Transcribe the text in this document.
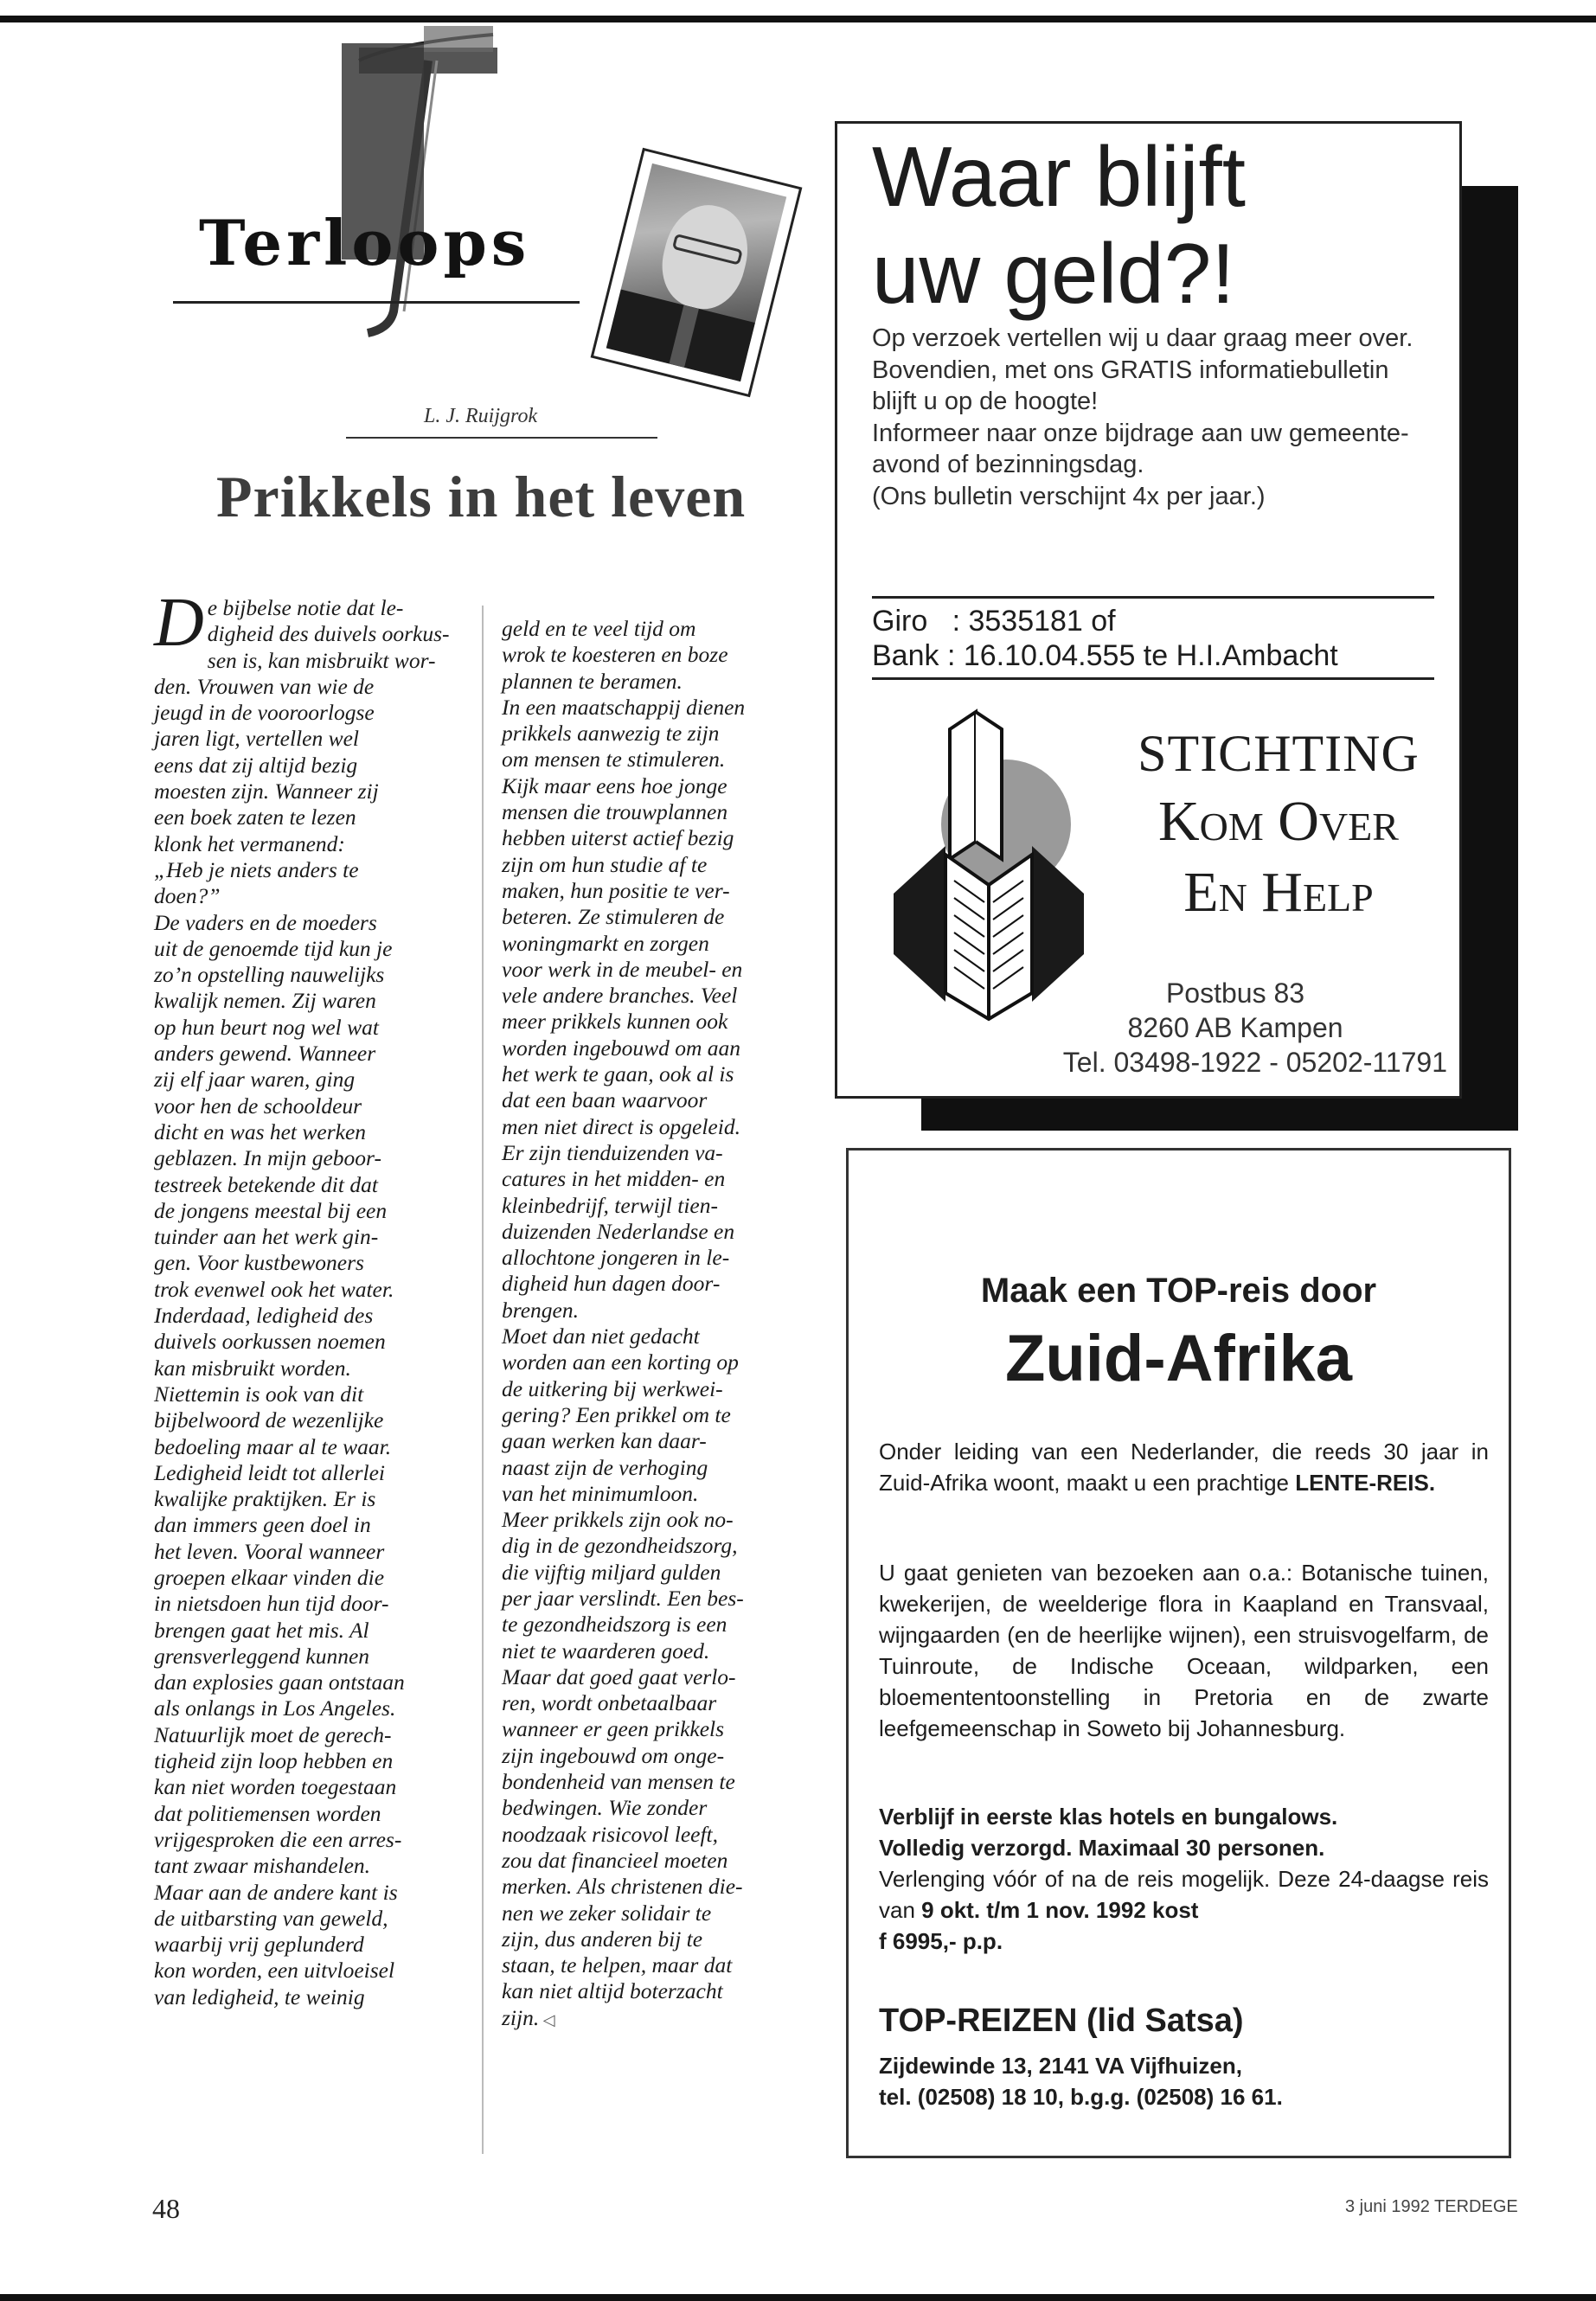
Terloops
L. J. Ruijgrok
Prikkels in het leven
D e bijbelse notie dat le-

digheid des duivels oorkus-

sen is, kan misbruikt wor-

den. Vrouwen van wie de

jeugd in de vooroorlogse

jaren ligt, vertellen wel

eens dat zij altijd bezig

moesten zijn. Wanneer zij

een boek zaten te lezen

klonk het vermanend:

„Heb je niets anders te

doen?”

De vaders en de moeders

uit de genoemde tijd kun je

zo’n opstelling nauwelijks

kwalijk nemen. Zij waren

op hun beurt nog wel wat

anders gewend. Wanneer

zij elf jaar waren, ging

voor hen de schooldeur

dicht en was het werken

geblazen. In mijn geboor-

testreek betekende dit dat

de jongens meestal bij een

tuinder aan het werk gin-

gen. Voor kustbewoners

trok evenwel ook het water.

Inderdaad, ledigheid des

duivels oorkussen noemen

kan misbruikt worden.

Niettemin is ook van dit

bijbelwoord de wezenlijke

bedoeling maar al te waar.

Ledigheid leidt tot allerlei

kwalijke praktijken. Er is

dan immers geen doel in

het leven. Vooral wanneer

groepen elkaar vinden die

in nietsdoen hun tijd door-

brengen gaat het mis. Al

grensverleggend kunnen

dan explosies gaan ontstaan

als onlangs in Los Angeles.

Natuurlijk moet de gerech-

tigheid zijn loop hebben en

kan niet worden toegestaan

dat politiemensen worden

vrijgesproken die een arres-

tant zwaar mishandelen.

Maar aan de andere kant is

de uitbarsting van geweld,

waarbij vrij geplunderd

kon worden, een uitvloeisel

van ledigheid, te weinig

geld en te veel tijd om

wrok te koesteren en boze

plannen te beramen.

In een maatschappij dienen

prikkels aanwezig te zijn

om mensen te stimuleren.

Kijk maar eens hoe jonge

mensen die trouwplannen

hebben uiterst actief bezig

zijn om hun studie af te

maken, hun positie te ver-

beteren. Ze stimuleren de

woningmarkt en zorgen

voor werk in de meubel- en

vele andere branches. Veel

meer prikkels kunnen ook

worden ingebouwd om aan

het werk te gaan, ook al is

dat een baan waarvoor

men niet direct is opgeleid.

Er zijn tienduizenden va-

catures in het midden- en

kleinbedrijf, terwijl tien-

duizenden Nederlandse en

allochtone jongeren in le-

digheid hun dagen door-

brengen.

Moet dan niet gedacht

worden aan een korting op

de uitkering bij werkwei-

gering? Een prikkel om te

gaan werken kan daar-

naast zijn de verhoging

van het minimumloon.

Meer prikkels zijn ook no-

dig in de gezondheidszorg,

die vijftig miljard gulden

per jaar verslindt. Een bes-

te gezondheidszorg is een

niet te waarderen goed.

Maar dat goed gaat verlo-

ren, wordt onbetaalbaar

wanneer er geen prikkels

zijn ingebouwd om onge-

bondenheid van mensen te

bedwingen. Wie zonder

noodzaak risicovol leeft,

zou dat financieel moeten

merken. Als christenen die-

nen we zeker solidair te

zijn, dus anderen bij te

staan, te helpen, maar dat

kan niet altijd boterzacht

zijn. ◁

48	3 juni 1992 TERDEGE
Waar blijft
uw geld?!
Op verzoek vertellen wij u daar graag meer over.
Bovendien, met ons GRATIS informatiebulletin
blijft u op de hoogte!
Informeer naar onze bijdrage aan uw gemeente-
avond of bezinningsdag.
(Ons bulletin verschijnt 4x per jaar.)
Giro   : 3535181 of
Bank : 16.10.04.555 te H.I.Ambacht
STICHTING
Kom Over
En Help
Postbus 83
8260 AB Kampen
Tel. 03498-1922 - 05202-11791
Maak een TOP-reis door
Zuid-Afrika
Onder leiding van een Nederlander, die reeds 30 jaar in Zuid-Afrika woont, maakt u een prachtige LENTE-REIS.
U gaat genieten van bezoeken aan o.a.: Botanische tuinen, kwekerijen, de weelderige flora in Kaapland en Transvaal, wijngaarden (en de heerlijke wijnen), een struisvogelfarm, de Tuinroute, de Indische Oceaan, wildparken, een bloemententoonstelling in Pretoria en de zwarte leefgemeenschap in Soweto bij Johannesburg.
Verblijf in eerste klas hotels en bungalows.
Volledig verzorgd. Maximaal 30 personen.
Verlenging vóór of na de reis mogelijk. Deze 24-daagse reis van 9 okt. t/m 1 nov. 1992 kost
f 6995,- p.p.
TOP-REIZEN (lid Satsa)
Zijdewinde 13, 2141 VA Vijfhuizen,
tel. (02508) 18 10, b.g.g. (02508) 16 61.
